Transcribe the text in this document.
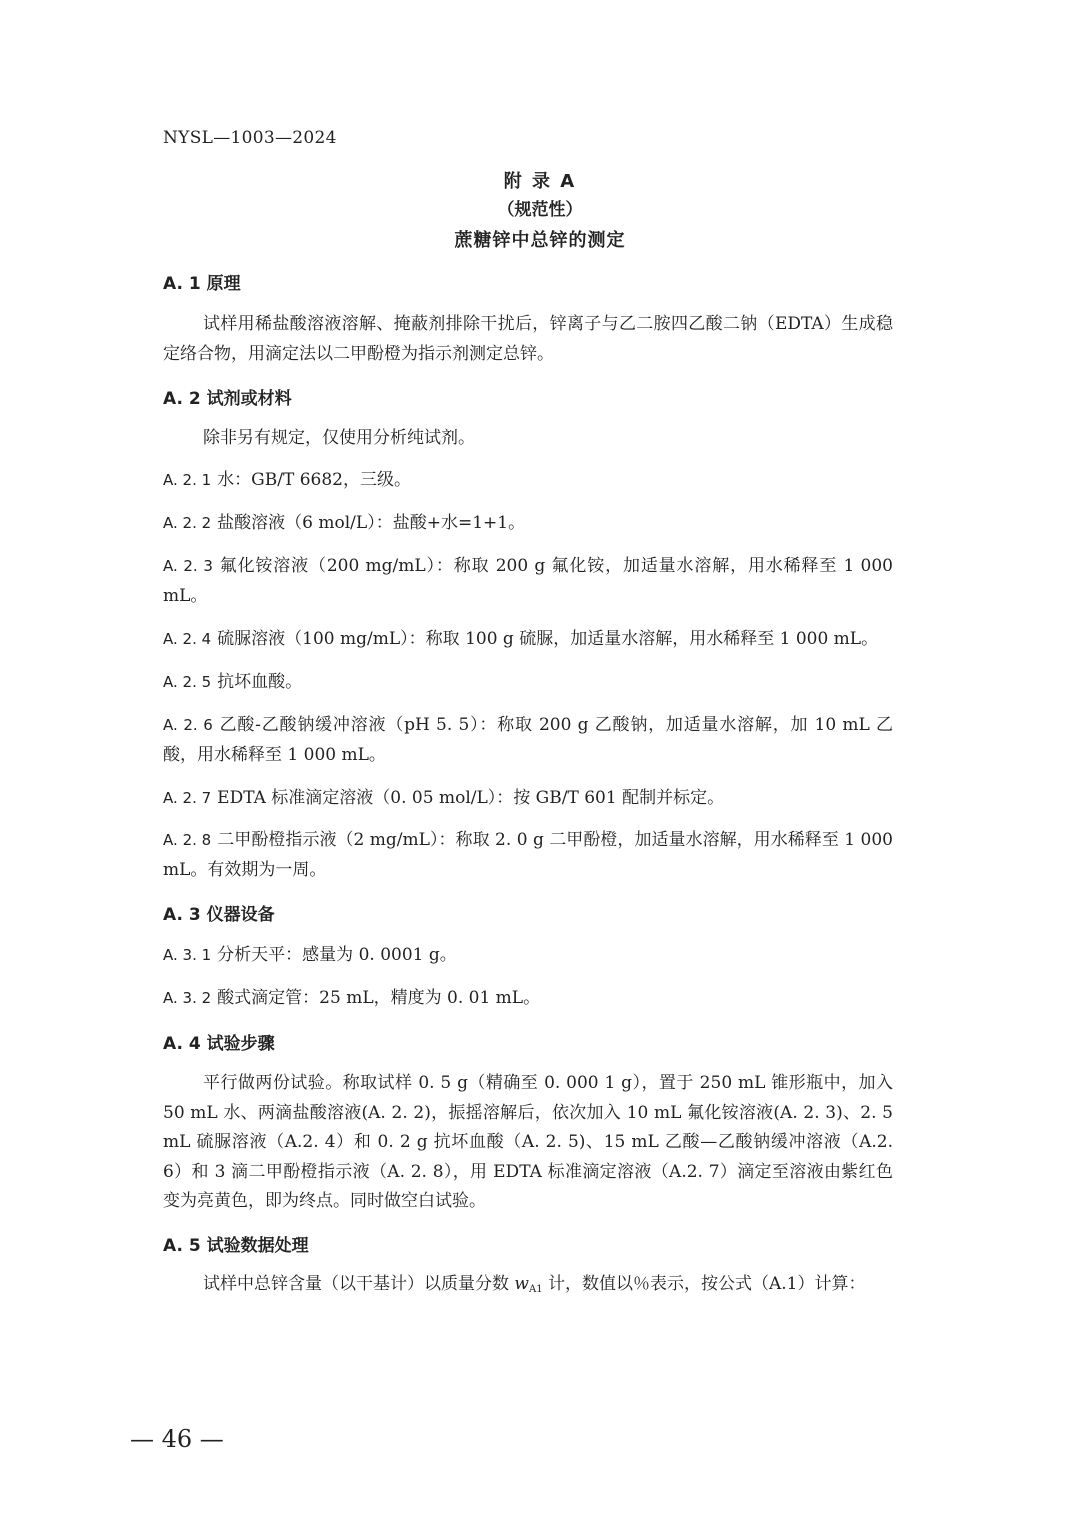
NYSL—1003—2024
附 录 A
（规范性）
蔗糖锌中总锌的测定
A. 1 原理
试样用稀盐酸溶液溶解、掩蔽剂排除干扰后，锌离子与乙二胺四乙酸二钠（EDTA）生成稳定络合物，用滴定法以二甲酚橙为指示剂测定总锌。
A. 2 试剂或材料
除非另有规定，仅使用分析纯试剂。
A. 2. 1 水：GB/T 6682，三级。
A. 2. 2 盐酸溶液（6 mol/L）：盐酸+水=1+1。
A. 2. 3 氟化铵溶液（200 mg/mL）：称取 200 g 氟化铵，加适量水溶解，用水稀释至 1 000 mL。
A. 2. 4 硫脲溶液（100 mg/mL）：称取 100 g 硫脲，加适量水溶解，用水稀释至 1 000 mL。
A. 2. 5 抗坏血酸。
A. 2. 6 乙酸-乙酸钠缓冲溶液（pH 5. 5）：称取 200 g 乙酸钠，加适量水溶解，加 10 mL 乙酸，用水稀释至 1 000 mL。
A. 2. 7 EDTA 标准滴定溶液（0. 05 mol/L）：按 GB/T 601 配制并标定。
A. 2. 8 二甲酚橙指示液（2 mg/mL）：称取 2. 0 g 二甲酚橙，加适量水溶解，用水稀释至 1 000 mL。有效期为一周。
A. 3 仪器设备
A. 3. 1 分析天平：感量为 0. 0001 g。
A. 3. 2 酸式滴定管：25 mL，精度为 0. 01 mL。
A. 4 试验步骤
平行做两份试验。称取试样 0. 5 g（精确至 0. 000 1 g），置于 250 mL 锥形瓶中，加入 50 mL 水、两滴盐酸溶液(A. 2. 2)，振摇溶解后，依次加入 10 mL 氟化铵溶液(A. 2. 3)、2. 5 mL 硫脲溶液（A.2. 4）和 0. 2 g 抗坏血酸（A. 2. 5)、15 mL 乙酸—乙酸钠缓冲溶液（A.2. 6）和 3 滴二甲酚橙指示液（A. 2. 8），用 EDTA 标准滴定溶液（A.2. 7）滴定至溶液由紫红色变为亮黄色，即为终点。同时做空白试验。
A. 5 试验数据处理
试样中总锌含量（以干基计）以质量分数 $w_{A1}$ 计，数值以％表示，按公式（A.1）计算：
— 46 —
